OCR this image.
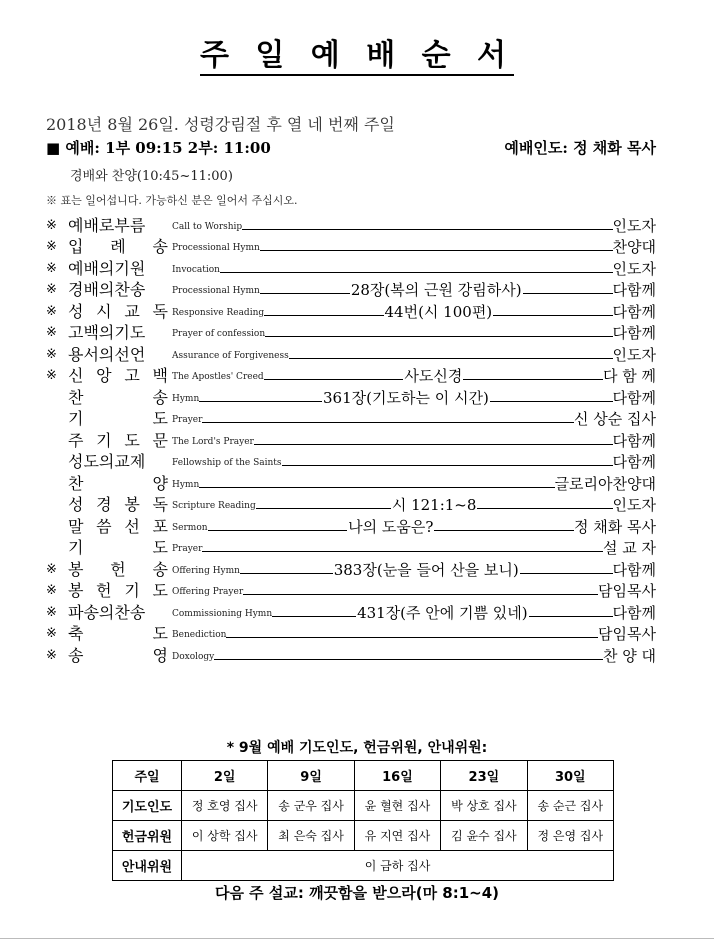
주 일 예 배 순 서
2018년 8월 26일. 성령강림절 후 열 네 번째 주일
■ 예배: 1부 09:15 2부: 11:00	예배인도: 정 채화 목사
경배와 찬양(10:45~11:00)
※ 표는 일어섭니다. 가능하신 분은 일어서 주십시오.
※ 예배로부름	Call to Worship	인도자
※ 입 례 송 Processional Hymn	찬양대
※ 예배의기원	Invocation	인도자
※ 경배의찬송	Processional Hymn	28장(복의 근원 강림하사)	다함께
※ 성 시 교 독 Responsive Reading	44번(시 100편)	다함께
※ 고백의기도	Prayer of confession	다함께
※ 용서의선언	Assurance of Forgiveness	인도자
※ 신 앙 고 백 The Apostles' Creed	사도신경	다 함 께
찬 송 Hymn	361장(기도하는 이 시간)	다함께
기 도 Prayer	신 상순 집사
주 기 도 문 The Lord's Prayer	다함께
성도의교제	Fellowship of the Saints	다함께
찬 양 Hymn	글로리아찬양대
성 경 봉 독 Scripture Reading	시 121:1~8	인도자
말 씀 선 포 Sermon	나의 도움은?	정 채화 목사
기 도 Prayer	설 교 자
※ 봉 헌 송 Offering Hymn	383장(눈을 들어 산을 보니)	다함께
※ 봉 헌 기 도 Offering Prayer	담임목사
※ 파송의찬송	Commissioning Hymn	431장(주 안에 기쁨 있네)	다함께
※ 축 도 Benediction	담임목사
※ 송 영 Doxology	찬 양 대
* 9월 예배 기도인도, 헌금위원, 안내위원:
주일	2일	9일	16일	23일	30일
기도인도	정 호영 집사	송 군우 집사	윤 혈현 집사	박 상호 집사	송 순근 집사
헌금위원	이 상학 집사	최 은숙 집사	유 지연 집사	김 윤수 집사	정 은영 집사
안내위원	이 금하 집사				
다음 주 설교: 깨끗함을 받으라(마 8:1~4)
